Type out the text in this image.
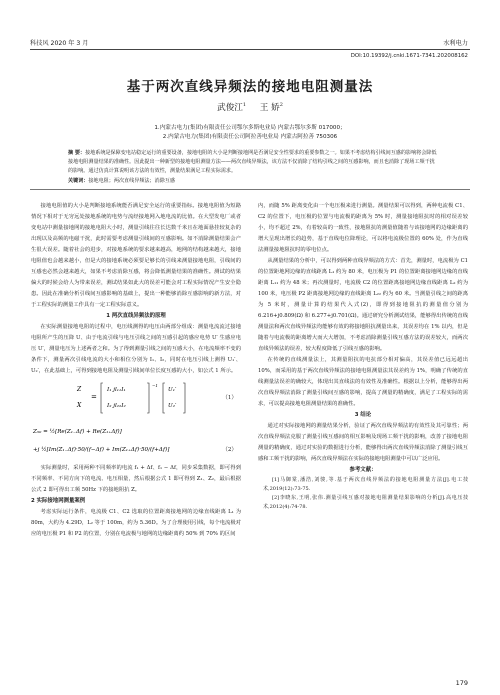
科技风 2020 年 3 月	水利电力
DOI:10.19392/j.cnki.1671-7341.202008162
基于两次直线异频法的接地电阻测量法
武俊江$^1$ 王 娇$^2$
1.内蒙古电力(集团)有限责任公司鄂尔多斯电业局 内蒙古鄂尔多斯 017000；
2.内蒙古电力(集团)有限责任公司阿拉善电业局 内蒙古阿拉善 750306
摘 要：接地系统是保障变电站稳定运行的重要设备，接地电阻的大小是判断接地网是否满足安全性要求的重要参数之一。如果不考虑结构引线间互感的影响将会降低接地电阻测量结果的准确性。因此提出一种新型的接地电阻测量方法——两次直线异频法，该方法不仅消除了结构引线之间的互感影响，而且也消除了现场工频干扰的影响。通过仿真计算说明该方法的有效性，测量结果满足工程实际需求。
关键词：接地电阻；两次直线异频法；消除互感

接地电阻值的大小是判断接地系统能否满足安全运行的重要指标。接地电阻值为短路情况下相对于无穷远处接地系统的电势与流经接地网入地电流的比值。在大型发电厂或者变电站中测量接地网的接地电阻大小时，测量引线往往长达数千米且在地面悬挂较复杂的出现以及高频的电磁干扰，此时需要考虑测量引线间的互感影响。如不消除测量结果会产生很大误差。随着社会的进步，对接地系统的要求越来越高，地网的结构越来越大，接地电阻值也会越来越小，但是大的接地系统必须要足够长的引线来测量接地电阻，引线间的互感也必然会越来越大，如果不考虑消除互感，将会降低测量结果的准确性。测试的结果偏大的时候会给人为带来误差，测试结果如此大的误差可能会对工程实际情况产生安全隐患。因此在准确分析引线间互感影响的基础上，提出一种能够消除互感影响的新方法，对于工程实际的测量工作具有一定工程实际意义。

1 两次直线异频法的原理

在实际测量接地电阻的过程中，电压线测得的电压由两部分组成：测量电流流过接地电阻所产生的压降 U、由于电流引线与电压引线之间的互感引起的感应电势 U′ 生感应电压 U′，测量电压为上述两者之和。为了得到测量引线之间的互感大小，在电流频率不变的条件下，测量两次引线电流的大小和相位分别为 I₁、I₂，同时在电压引线上测得 U₁′、U₂′，在此基础上，可得到接地电阻及测量引线间单位长度互感的大小，如公式 1 所示。

Z
X
=
I₁ jl₁₁I₁
I₂ jl₂₂I₂
−1
U₁′
U₂′
（1）
Z₅₀ = ½[Re(Z₁₋Δf) + Re(Z₁₊Δf)]
+j ½[Im(Z₁₋Δf)·50/(f−Δf) + Im(Z₁₊Δf)·50/(f+Δf)]	（2）

实际测量时，采用两种不同频率的电流 f₁ + Δf、f₁ − Δf，同步采集数据，即可得到不同频率、不同方向下的电流、电压相量，然后根据公式 1 即可得到 Z₁、Z₂，最后根据公式 2 即可得出工频 50Hz 下的接地阻抗 Z。

2 实际接地网测量案例

考虑实际运行条件，电流极 C1、C2 选取的位置距离接地网的边缘直线距离 L₁ 为 80m，大约为 4.29D，L₂ 等于 100m，约为 5.36D。为了合理使用引线，每个电流极对应的电压极 P1 和 P2 的位置，分别在电流极与地网的边缘距离约 50% 到 70% 的区间

内，而随 5% 距离变化由一个电压极来进行测量。测量结果可以得到，两种电流极 C1、C2 的位置下，电压极的位置与电流极的距离为 5% 时，测量接地阻抗时的相对误差较小，均不超过 2%，有着较高的一致性，接地阻抗的测量值随着与该接地网的边缘距离的增大呈现出增长的趋势，基于直线电位降理论，可以将电流极位置的 60% 处，作为直线法测量接地阻抗时的零电位点。

从测量结果的分析中，可以得到两种直线异频法的方式：首先，测量时，电流极为 C1 的位置距地网边缘的直线距离 L₁ 约为 80 米，电压极为 P1 的位置距离接地网边缘的直线距离 L₁₁ 约为 48 米；再次测量时，电流极 C2 的位置距离接地网边缘直线距离 L₂ 约为 100 米，电压极 P2 距离接地网边缘的直线距离 L₂₂ 约为 60 米。当测量引线之间的距离为 5 米时，测量计算的结果代入式(2)，即得到接地阻抗的测量值分别为 6.216+j0.809(Ω) 和 6.277+j0.701(Ω)。通过研究分析测试结果，能够得出传统的直线测量法和两次直线异频法均能够有效的将接地阻抗测量出来，其误差均在 1% 以内，但是随着与电流极的距离增大而大大增加，不考虑消除测量引线互感方法的误差较大，而两次直线异频法的误差，较大程度降低了引线互感的影响。

在传统的直线测量法上，其测量阻抗的电抗部分相对偏高，其误差值已远远超出 10%，而采用的基于两次直线异频法的接地电阻测量法其误差约为 1%，明确了传统的直线测量法误差的确较大，体现出其直线法的有效性及准确性。根据以上分析，能够得出两次直线异频法消除了测量引线间互感的影响，提高了测量的精确度，满足了工程实际的需求，可以提高接地电阻测量结果的准确性。

3 结论

通过对实际接地网的测量结果分析，验证了两次直线异频法的有效性及其可靠性；两次直线异频法克服了测量引线互感间的相互影响及现场工频干扰的影响，改善了接地电阻测量的精确度，通过对实验的数据进行分析，能够得出两次直线异频法消除了测量引线互感和工频干扰的影响，两次直线异频法在实际的接地电阻测量中可以广泛应用。

参考文献：

[1]马御棠,潘浩,刘骏,等.基于两次直线异频法的接地电阻测量方法[J].电工技术,2019(12):73-75.

[2]李晓东,王明,张伟.测量引线互感对接地电阻测量结果影响的分析[J].高电压技术,2012(4):74-78.

179
